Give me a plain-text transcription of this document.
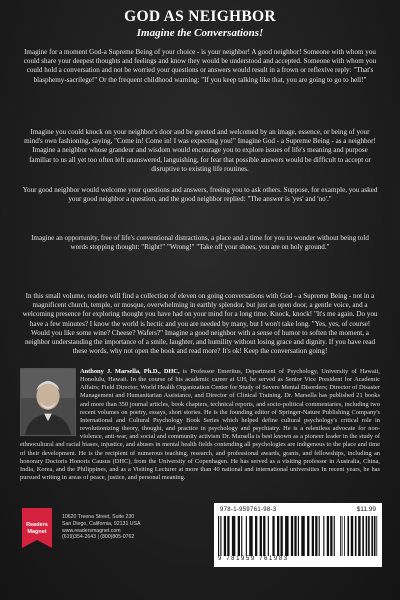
GOD AS NEIGHBOR
Imagine the Conversations!

Imagine for a moment God-a Supreme Being of your choice - is your neighbor! A good neighbor! Someone with whom you could share your deepest thoughts and feelings and know they would be understood and accepted. Someone with whom you could hold a conversation and not be worried your questions or answers would result in a frown or reflexive reply: "That's blasphemy-sacrilege!" Or the frequent childhood warning: "If you keep talking like that, you are going to go to hell!"

Imagine you could knock on your neighbor's door and be greeted and welcomed by an image, essence, or being of your mind's own fashioning, saying, "Come in! Come in! I was expecting you!" Imagine God - a Supreme Being - as a neighbor! Imagine a neighbor whose grandeur and wisdom would encourage you to explore issues of life's meaning and purpose familiar to us all yet too often left unanswered, languishing, for fear that possible answers would be difficult to accept or disruptive to existing life routines.

Your good neighbor would welcome your questions and answers, freeing you to ask others. Suppose, for example, you asked your good neighbor a question, and the good neighbor replied: "The answer is 'yes' and 'no'."

Imagine an opportunity, free of life's conventional distractions, a place and a time for you to wonder without being told words stopping thought: "Right!" "Wrong!" "Take off your shoes, you are on holy ground."

In this small volume, readers will find a collection of eleven on going conversations with God - a Supreme Being - not in a magnificent church, temple, or mosque, overwhelming in earthly splendor, but just an open door, a gentle voice, and a welcoming presence for exploring thought you have had on your mind for a long time. Knock, knock! "It's me again. Do you have a few minutes? I know the world is hectic and you are needed by many, but I won't take long. "Yes, yes, of course! Would you like some wine? Cheese? Wafers?" Imagine a good neighbor with a sense of humor to soften the moment, a neighbor understanding the importance of a smile, laughter, and humility without losing grace and dignity. If you have read these words, why not open the book and read more? It's ok! Keep the conversation going!

Anthony J. Marsella, Ph.D., DHC, is Professor Emeritus, Department of Psychology, University of Hawaii, Honolulu, Hawaii. In the course of his academic career at UH, he served as Senior Vice President for Academic Affairs; Field Director, World Health Organization Center for Study of Severe Mental Disorders; Director of Disaster Management and Humanitarian Assistance, and Director of Clinical Training. Dr. Marsella has published 21 books and more than 350 journal articles, book chapters, technical reports, and socio-political commentaries, including two recent volumes on poetry, essays, short stories. He is the founding editor of Springer-Nature Publishing Company's International and Cultural Psychology Book Series which helped define cultural psychology's critical role in revolutionizing theory, thought, and practice in psychology and psychiatry. He is a relentless advocate for non-violence, anti-war, and social and community activism Dr. Marsella is best known as a pioneer leader in the study of ethnocultural and racial biases, injustice, and abuses in mental health fields contending all psychologies are indigenous to the place and time of their development. He is the recipient of numerous teaching, research, and professional awards, grants, and fellowships, including an honorary Doctoris Honoris Causus (DHC), from the University of Copenhagen. He has served as a visiting professor in Australia, China, India, Korea, and the Philippines, and as a Visiting Lecturer at more than 40 national and international universities In recent years, he has pursued writing in areas of peace, justice, and personal meaning.

Readers
Magnet
10620 Treena Street, Suite 230
San Diego, California, 92131 USA
www.readersmagnet.com
(619)354-2643 | (800)805-0762
978-1-959761-98-3	$11.99
9 781959 761983
